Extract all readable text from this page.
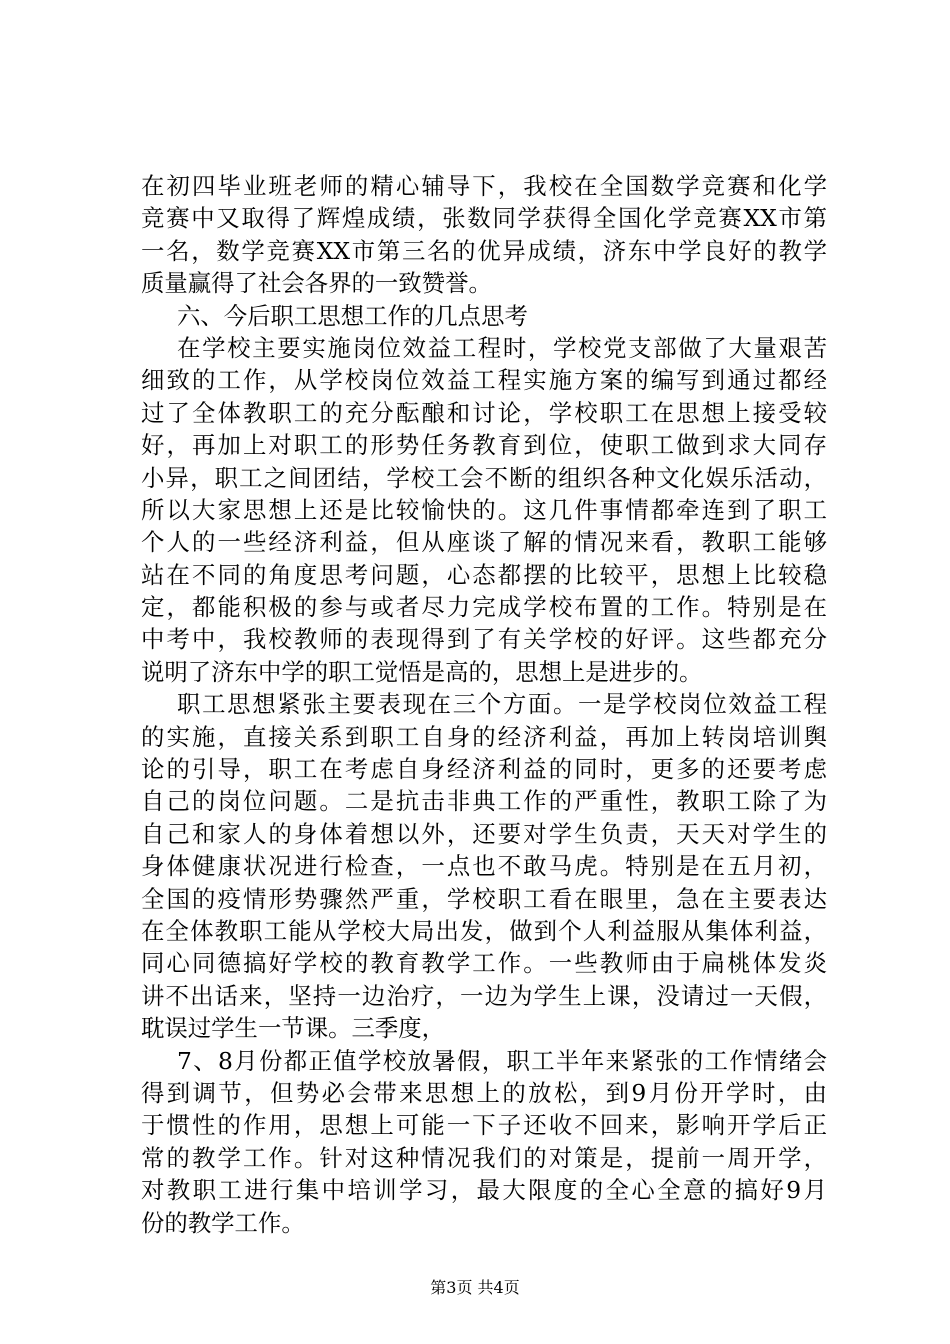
在初四毕业班老师的精心辅导下，我校在全国数学竞赛和化学
竞赛中又取得了辉煌成绩，张数同学获得全国化学竞赛XX市第
一名，数学竞赛XX市第三名的优异成绩，济东中学良好的教学
质量赢得了社会各界的一致赞誉。
六、今后职工思想工作的几点思考
在学校主要实施岗位效益工程时，学校党支部做了大量艰苦
细致的工作，从学校岗位效益工程实施方案的编写到通过都经
过了全体教职工的充分酝酿和讨论，学校职工在思想上接受较
好，再加上对职工的形势任务教育到位，使职工做到求大同存
小异，职工之间团结，学校工会不断的组织各种文化娱乐活动，
所以大家思想上还是比较愉快的。这几件事情都牵连到了职工
个人的一些经济利益，但从座谈了解的情况来看，教职工能够
站在不同的角度思考问题，心态都摆的比较平，思想上比较稳
定，都能积极的参与或者尽力完成学校布置的工作。特别是在
中考中，我校教师的表现得到了有关学校的好评。这些都充分
说明了济东中学的职工觉悟是高的，思想上是进步的。
职工思想紧张主要表现在三个方面。一是学校岗位效益工程
的实施，直接关系到职工自身的经济利益，再加上转岗培训舆
论的引导，职工在考虑自身经济利益的同时，更多的还要考虑
自己的岗位问题。二是抗击非典工作的严重性，教职工除了为
自己和家人的身体着想以外，还要对学生负责，天天对学生的
身体健康状况进行检查，一点也不敢马虎。特别是在五月初，
全国的疫情形势骤然严重，学校职工看在眼里，急在主要表达
在全体教职工能从学校大局出发，做到个人利益服从集体利益，
同心同德搞好学校的教育教学工作。一些教师由于扁桃体发炎
讲不出话来，坚持一边治疗，一边为学生上课，没请过一天假，
耽误过学生一节课。三季度，
7、8月份都正值学校放暑假，职工半年来紧张的工作情绪会
得到调节，但势必会带来思想上的放松，到9月份开学时，由
于惯性的作用，思想上可能一下子还收不回来，影响开学后正
常的教学工作。针对这种情况我们的对策是，提前一周开学，
对教职工进行集中培训学习，最大限度的全心全意的搞好9月
份的教学工作。
第3页 共4页
